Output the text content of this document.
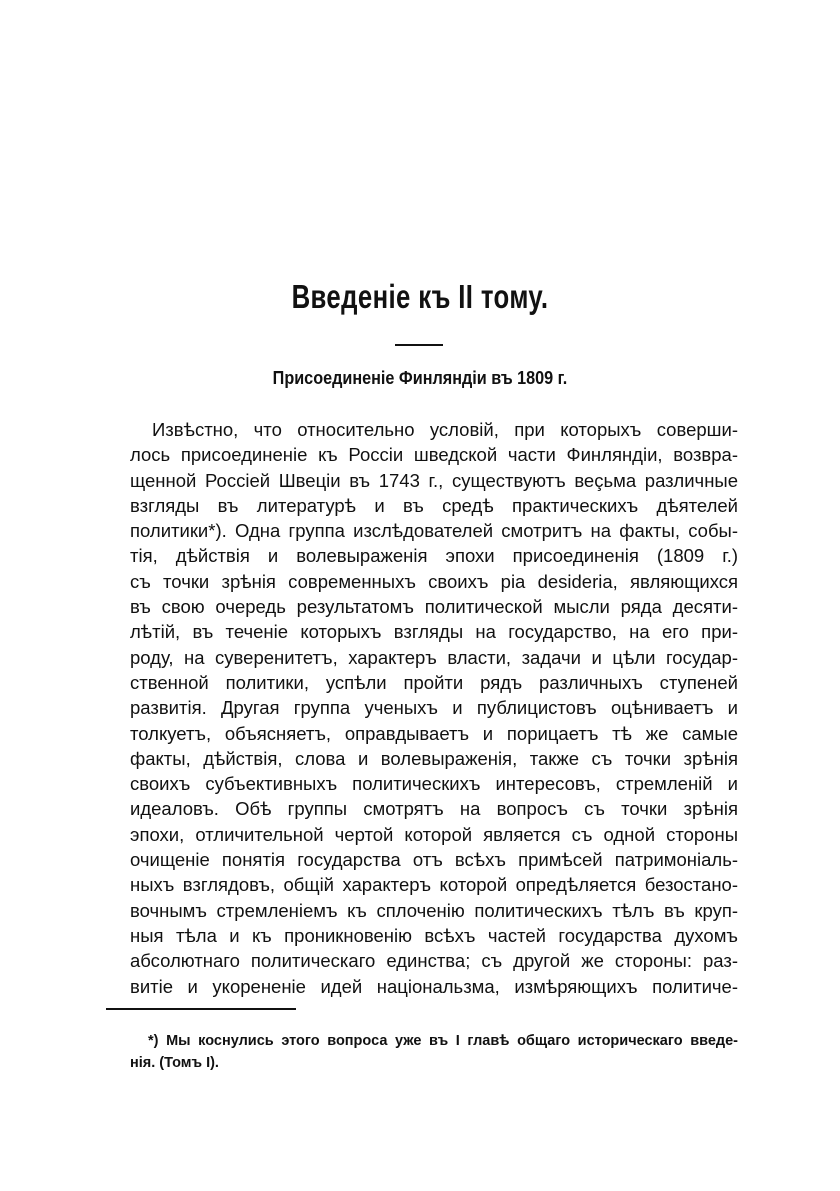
Введеніе къ II тому.
Присоединеніе Финляндіи въ 1809 г.
Извѣстно, что относительно условій, при которыхъ соверши-
лось присоединеніе къ Россіи шведской части Финляндіи, возвра-
щенной Россіей Швеціи въ 1743 г., существуютъ веçьма различные
взгляды въ литературѣ и въ средѣ практическихъ дѣятелей
политики*). Одна группа изслѣдователей смотритъ на факты, собы-
тія, дѣйствія и волевыраженія эпохи присоединенія (1809 г.)
съ точки зрѣнія современныхъ своихъ pia desideria, являющихся
въ свою очередь результатомъ политической мысли ряда десяти-
лѣтій, въ теченіе которыхъ взгляды на государство, на его при-
роду, на суверенитетъ, характеръ власти, задачи и цѣли государ-
ственной политики, успѣли пройти рядъ различныхъ ступеней
развитія. Другая группа ученыхъ и публицистовъ оцѣниваетъ и
толкуетъ, объясняетъ, оправдываетъ и порицаетъ тѣ же самые
факты, дѣйствія, слова и волевыраженія, также съ точки зрѣнія
своихъ субъективныхъ политическихъ интересовъ, стремленій и
идеаловъ. Обѣ группы смотрятъ на вопросъ съ точки зрѣнія
эпохи, отличительной чертой которой является съ одной стороны
очищеніе понятія государства отъ всѣхъ примѣсей патримоніаль-
ныхъ взглядовъ, общій характеръ которой опредѣляется безостано-
вочнымъ стремленіемъ къ сплоченію политическихъ тѣлъ въ круп-
ныя тѣла и къ проникновенію всѣхъ частей государства духомъ
абсолютнаго политическаго единства; съ другой же стороны: раз-
витіе и укорененіе идей національзма, измѣряющихъ политиче-
*) Мы коснулись этого вопроса уже въ I главѣ общаго историческаго введе-
нія. (Томъ I).
